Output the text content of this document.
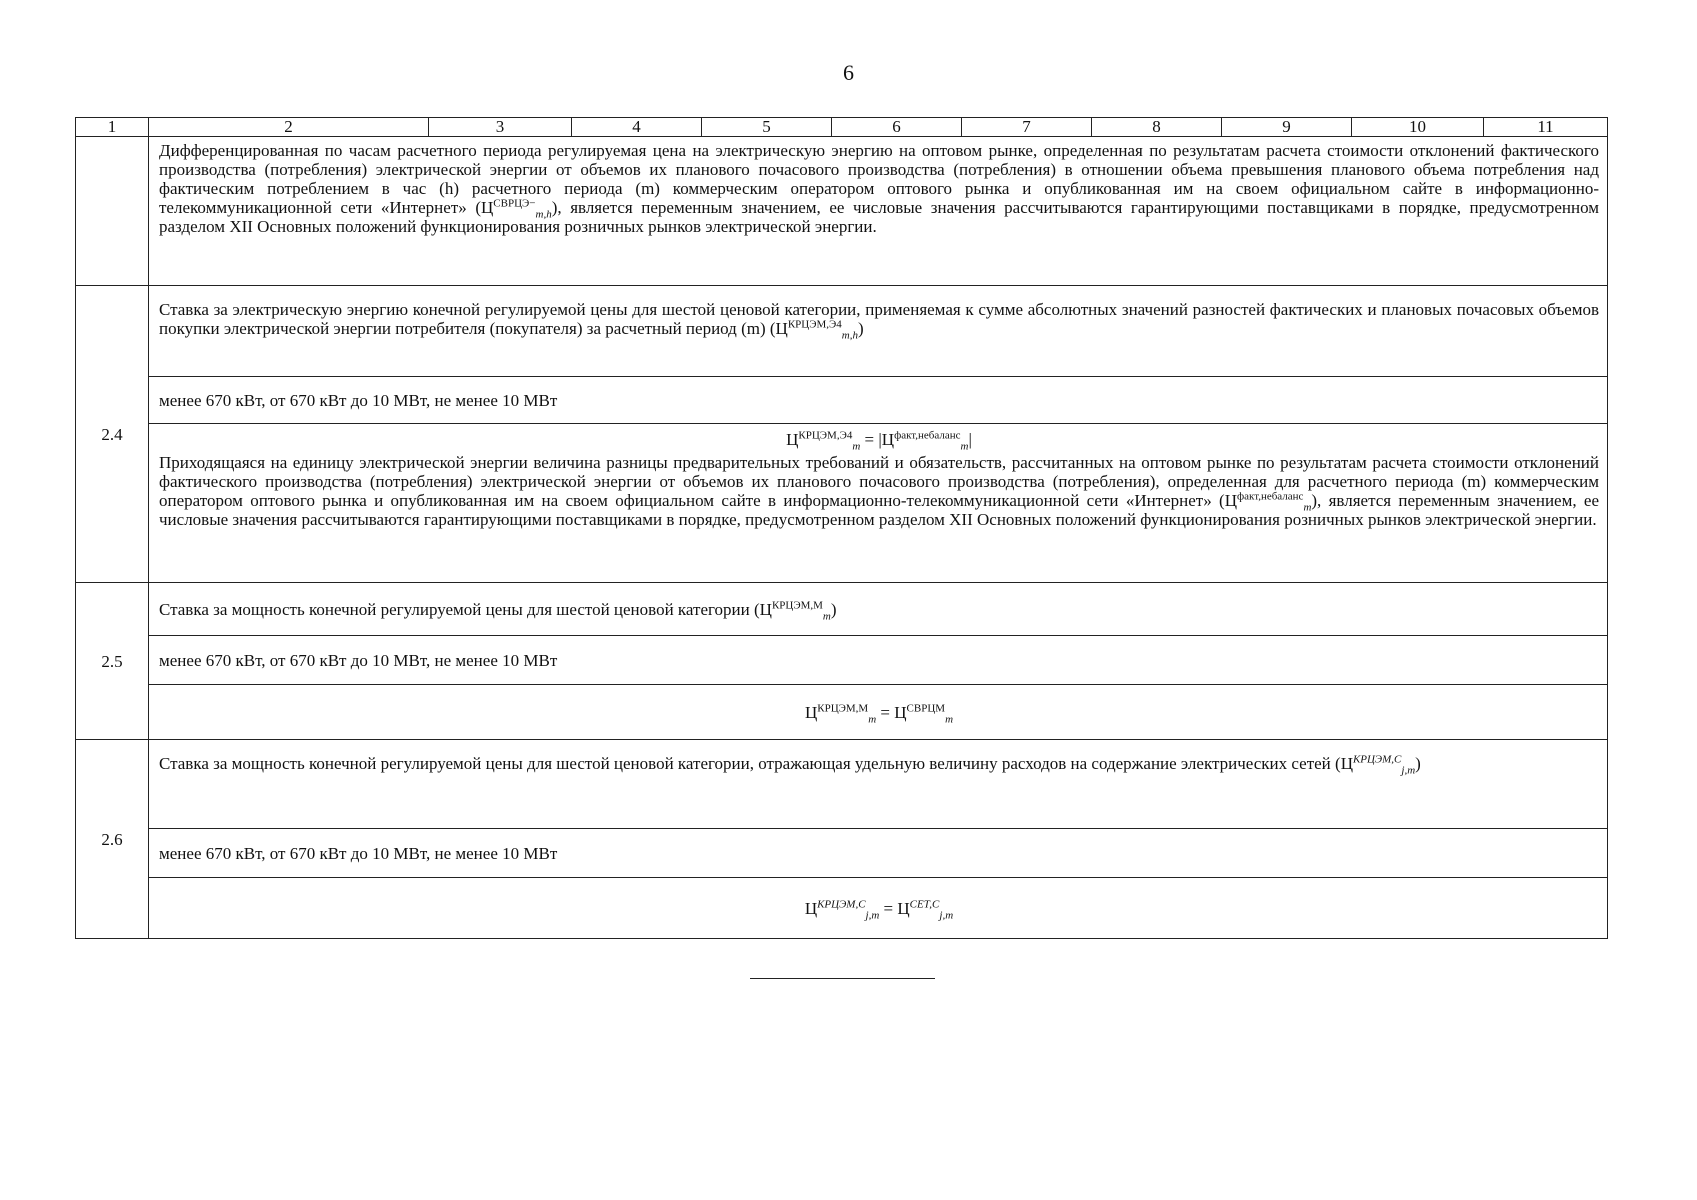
6
1	2	3	4	5	6	7	8	9	10	11
	Дифференцированная по часам расчетного периода регулируемая цена на электрическую энергию на оптовом рынке, определенная по результатам расчета стоимости отклонений фактического производства (потребления) электрической энергии от объемов их планового почасового производства (потребления) в отношении объема превышения планового объема потребления над фактическим потреблением в час (h) расчетного периода (m) коммерческим оператором оптового рынка и опубликованная им на своем официальном сайте в информационно-телекоммуникационной сети «Интернет» $(Ц^{СВРЦЭ-}_{m,h})$, является переменным значением, ее числовые значения рассчитываются гарантирующими поставщиками в порядке, предусмотренном разделом XII Основных положений функционирования розничных рынков электрической энергии.									
2.4	Ставка за электрическую энергию конечной регулируемой цены для шестой ценовой категории, применяемая к сумме абсолютных значений разностей фактических и плановых почасовых объемов покупки электрической энергии потребителя (покупателя) за расчетный период (m) $(Ц^{КРЦЭМ,Э4}_{m,h})$									
	менее 670 кВт, от 670 кВт до 10 МВт, не менее 10 МВт									

	$Ц^{КРЦЭМ,Э4}_m = |Ц^{факт,небаланс}_m|$
Приходящаяся на единицу электрической энергии величина разницы предварительных требований и обязательств, рассчитанных на оптовом рынке по результатам расчета стоимости отклонений фактического производства (потребления) электрической энергии от объемов их планового почасового производства (потребления), определенная для расчетного периода (m) коммерческим оператором оптового рынка и опубликованная им на своем официальном сайте в информационно-телекоммуникационной сети «Интернет» $(Ц^{факт,небаланс}_m)$, является переменным значением, ее числовые значения рассчитываются гарантирующими поставщиками в порядке, предусмотренном разделом XII Основных положений функционирования розничных рынков электрической энергии.									

2.5	Ставка за мощность конечной регулируемой цены для шестой ценовой категории $(Ц^{КРЦЭМ,М}_m)$									
	менее 670 кВт, от 670 кВт до 10 МВт, не менее 10 МВт									
	$Ц^{КРЦЭМ,М}_m = Ц^{СВРЦМ}_m$
2.6	Ставка за мощность конечной регулируемой цены для шестой ценовой категории, отражающая удельную величину расходов на содержание электрических сетей $(Ц^{КРЦЭМ,С}_{j,m})$									
	менее 670 кВт, от 670 кВт до 10 МВт, не менее 10 МВт									
	$Ц^{КРЦЭМ,С}_{j,m} = Ц^{СЕТ,С}_{j,m}$
